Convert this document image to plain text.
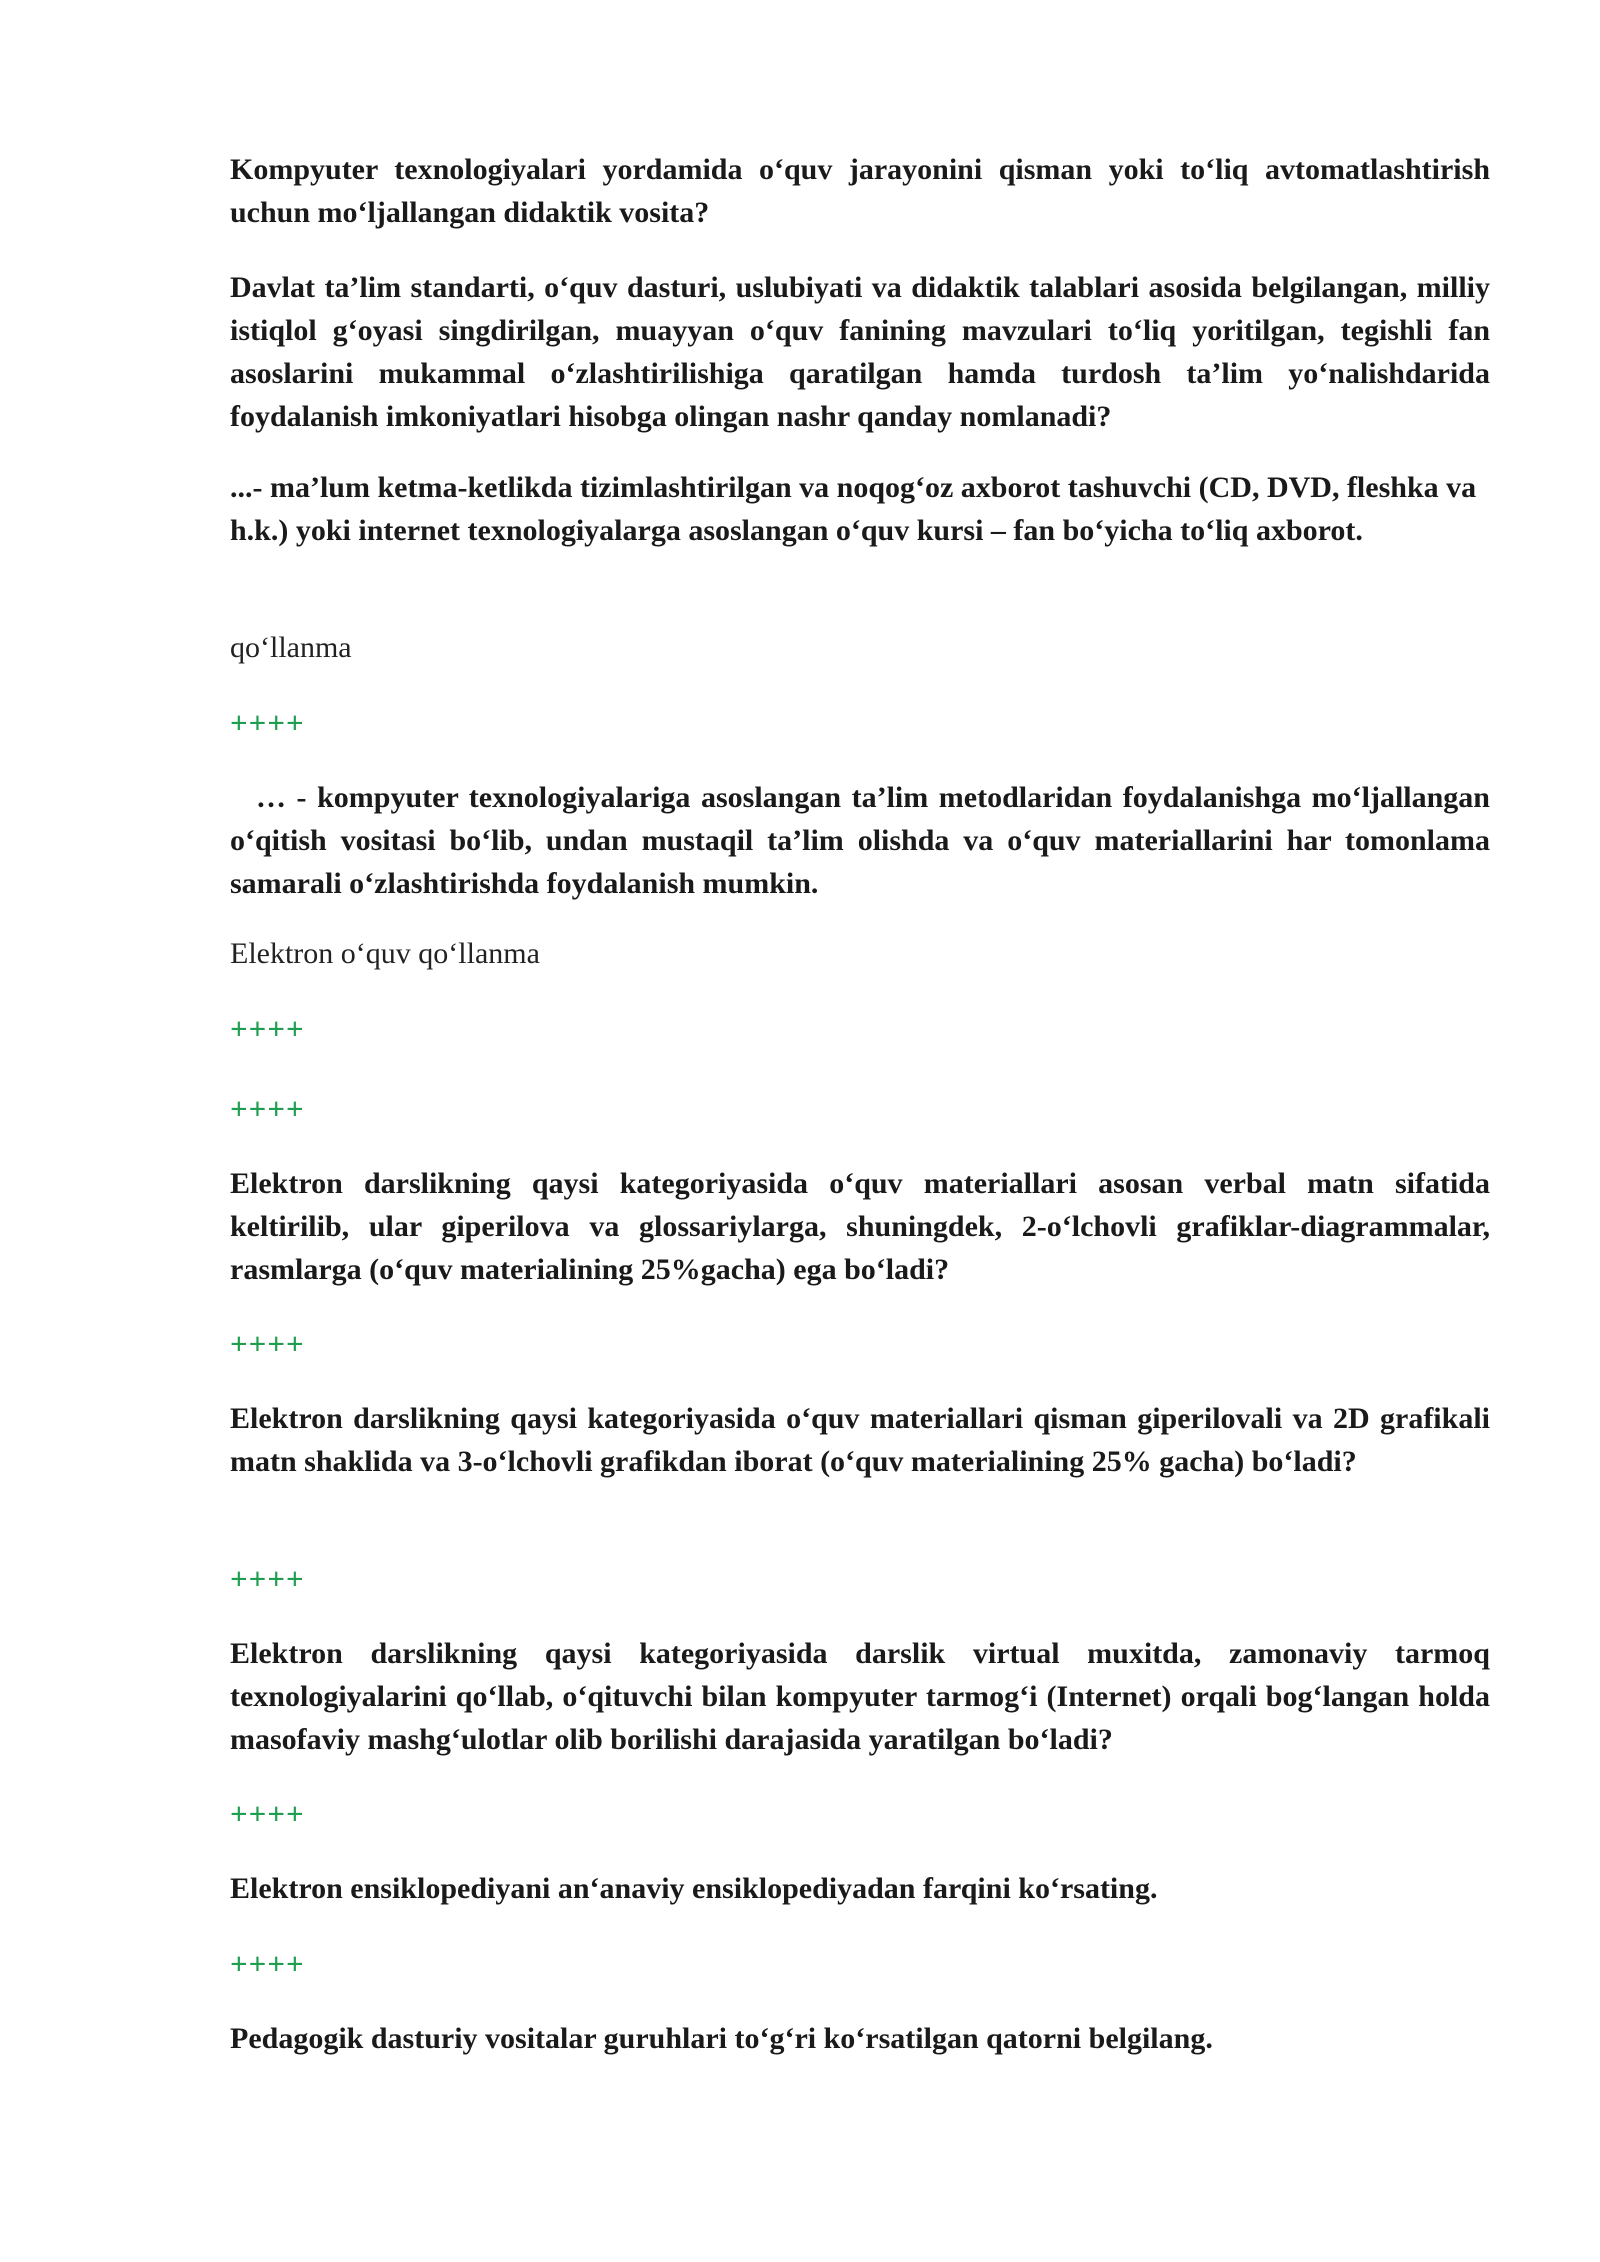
Kompyuter texnologiyalari yordamida o‘quv jarayonini qisman yoki to‘liq avtomatlashtirish uchun mo‘ljallangan didaktik vosita?

Davlat ta’lim standarti, o‘quv dasturi, uslubiyati va didaktik talablari asosida belgilangan, milliy istiqlol g‘oyasi singdirilgan, muayyan o‘quv fanining mavzulari to‘liq yoritilgan, tegishli fan asoslarini mukammal o‘zlashtirilishiga qaratilgan hamda turdosh ta’lim yo‘nalishdarida foydalanish imkoniyatlari hisobga olingan nashr qanday nomlanadi?

...- ma’lum ketma-ketlikda tizimlashtirilgan va noqog‘oz axborot tashuvchi (CD, DVD, fleshka va h.k.) yoki internet texnologiyalarga asoslangan o‘quv kursi – fan bo‘yicha to‘liq axborot.

qo‘llanma

++++

… - kompyuter texnologiyalariga asoslangan ta’lim metodlaridan foydalanishga mo‘ljallangan o‘qitish vositasi bo‘lib, undan mustaqil ta’lim olishda va o‘quv materiallarini har tomonlama samarali o‘zlashtirishda foydalanish mumkin.

Elektron o‘quv qo‘llanma

++++

++++

Elektron darslikning qaysi kategoriyasida o‘quv materiallari asosan verbal matn sifatida keltirilib, ular giperilova va glossariylarga, shuningdek, 2-o‘lchovli grafiklar-diagrammalar, rasmlarga (o‘quv materialining 25%gacha) ega bo‘ladi?

++++

Elektron darslikning qaysi kategoriyasida o‘quv materiallari qisman giperilovali va 2D grafikali matn shaklida va 3-o‘lchovli grafikdan iborat (o‘quv materialining 25% gacha) bo‘ladi?

++++

Elektron darslikning qaysi kategoriyasida darslik virtual muxitda, zamonaviy tarmoq texnologiyalarini qo‘llab, o‘qituvchi bilan kompyuter tarmog‘i (Internet) orqali bog‘langan holda masofaviy mashg‘ulotlar olib borilishi darajasida yaratilgan bo‘ladi?

++++

Elektron ensiklopediyani an‘anaviy ensiklopediyadan farqini ko‘rsating.

++++

Pedagogik dasturiy vositalar guruhlari to‘g‘ri ko‘rsatilgan qatorni belgilang.
